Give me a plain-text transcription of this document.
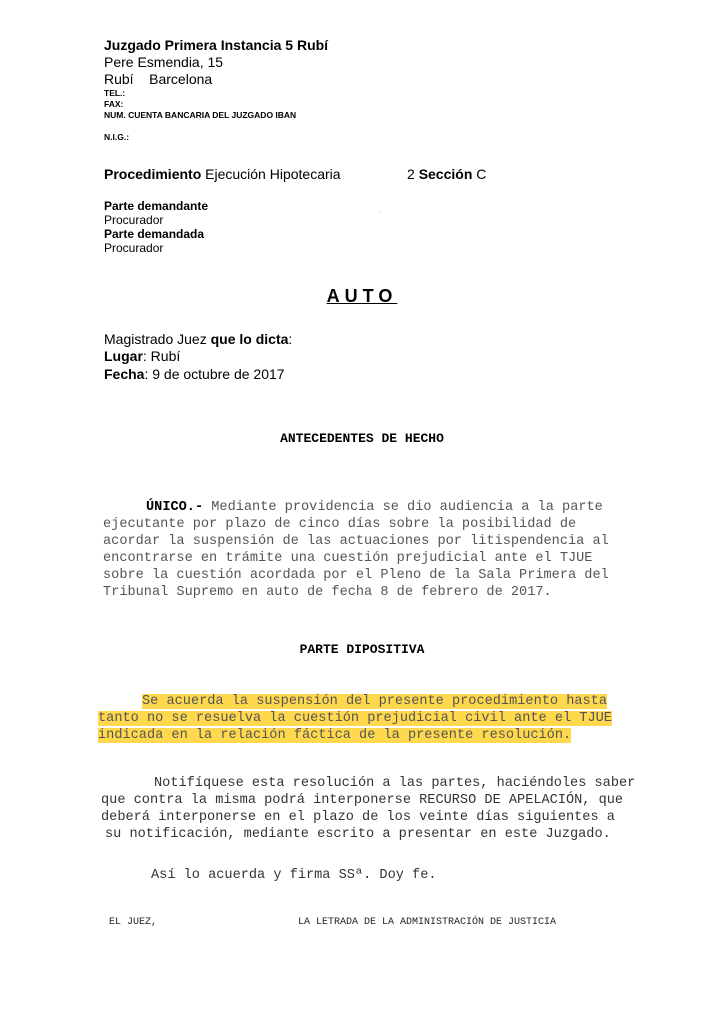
Juzgado Primera Instancia 5 Rubí
Pere Esmendia, 15
Rubí Barcelona
TEL.:
FAX:
NUM. CUENTA BANCARIA DEL JUZGADO IBAN
N.I.G.:
Procedimiento Ejecución Hipotecaria	2 Sección C
Parte demandante
Procurador
Parte demandada
Procurador
.
AUTO
Magistrado Juez que lo dicta:
Lugar: Rubí
Fecha: 9 de octubre de 2017
ANTECEDENTES DE HECHO
ÚNICO.- Mediante providencia se dio audiencia a la parte
ejecutante por plazo de cinco días sobre la posibilidad de
acordar la suspensión de las actuaciones por litispendencia al
encontrarse en trámite una cuestión prejudicial ante el TJUE
sobre la cuestión acordada por el Pleno de la Sala Primera del
Tribunal Supremo en auto de fecha 8 de febrero de 2017.
PARTE DIPOSITIVA
Se acuerda la suspensión del presente procedimiento hasta
tanto no se resuelva la cuestión prejudicial civil ante el TJUE
indicada en la relación fáctica de la presente resolución.
Notifíquese esta resolución a las partes, haciéndoles saber
que contra la misma podrá interponerse RECURSO DE APELACIÓN, que
deberá interponerse en el plazo de los veinte días siguientes a
su notificación, mediante escrito a presentar en este Juzgado.
Así lo acuerda y firma SSª. Doy fe.
EL JUEZ,	LA LETRADA DE LA ADMINISTRACIÓN DE JUSTICIA
